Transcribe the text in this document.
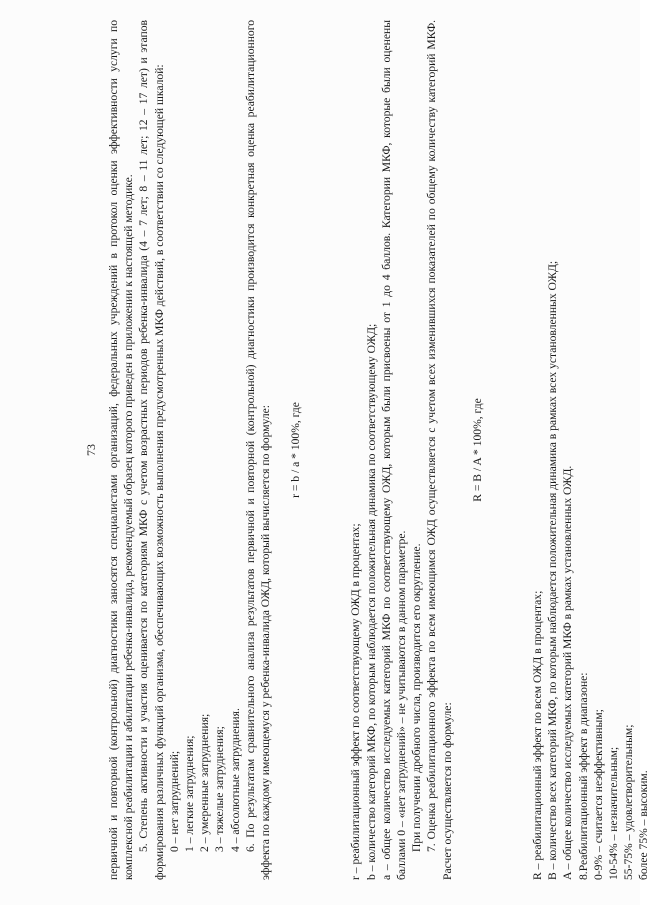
73 первичной и повторной (контрольной) диагностики заносятся специалистами организаций, федеральных учреждений в протокол оценки эффективности услуги по комплексной реабилитации и абилитации ребенка-инвалида, рекомендуемый образец которого приведен в приложении к настоящей методике. 5. Степень активности и участия оценивается по категориям МКФ с учетом возрастных периодов ребенка-инвалида (4 – 7 лет; 8 – 11 лет; 12 – 17 лет) и этапов формирования различных функций организма, обеспечивающих возможность выполнения предусмотренных МКФ действий, в соответствии со следующей шкалой: 0 – нет затруднений; 1 – легкие затруднения; 2 – умеренные затруднения; 3 – тяжелые затруднения; 4 – абсолютные затруднения. 6. По результатам сравнительного анализа результатов первичной и повторной (контрольной) диагностики производится конкретная оценка реабилитационного эффекта по каждому имеющемуся у ребенка-инвалида ОЖД, который вычисляется по формуле: r = b / a * 100%, где

r – реабилитационный эффект по соответствующему ОЖД в процентах; b – количество категорий МКФ, по которым наблюдается положительная динамика по соответствующему ОЖД; a – общее количество исследуемых категорий МКФ по соответствующему ОЖД, которым были присвоены от 1 до 4 баллов. Категории МКФ, которые были оценены баллами 0 – «нет затруднений» – не учитываются в данном параметре. При получении дробного числа, производится его округление. 7. Оценка реабилитационного эффекта по всем имеющимся ОЖД осуществляется с учетом всех изменившихся показателей по общему количеству категорий МКФ. Расчет осуществляется по формуле:

R = B / A * 100%, где

R – реабилитационный эффект по всем ОЖД в процентах; B – количество всех категорий МКФ, по которым наблюдается положительная динамика в рамках всех установленных ОЖД; A – общее количество исследуемых категорий МКФ в рамках установленных ОЖД. 8.Реабилитационный эффект в диапазоне: 0-9% – считается неэффективным; 10-54% – незначительным; 55-75% – удовлетворительным; более 75% – высоким.
